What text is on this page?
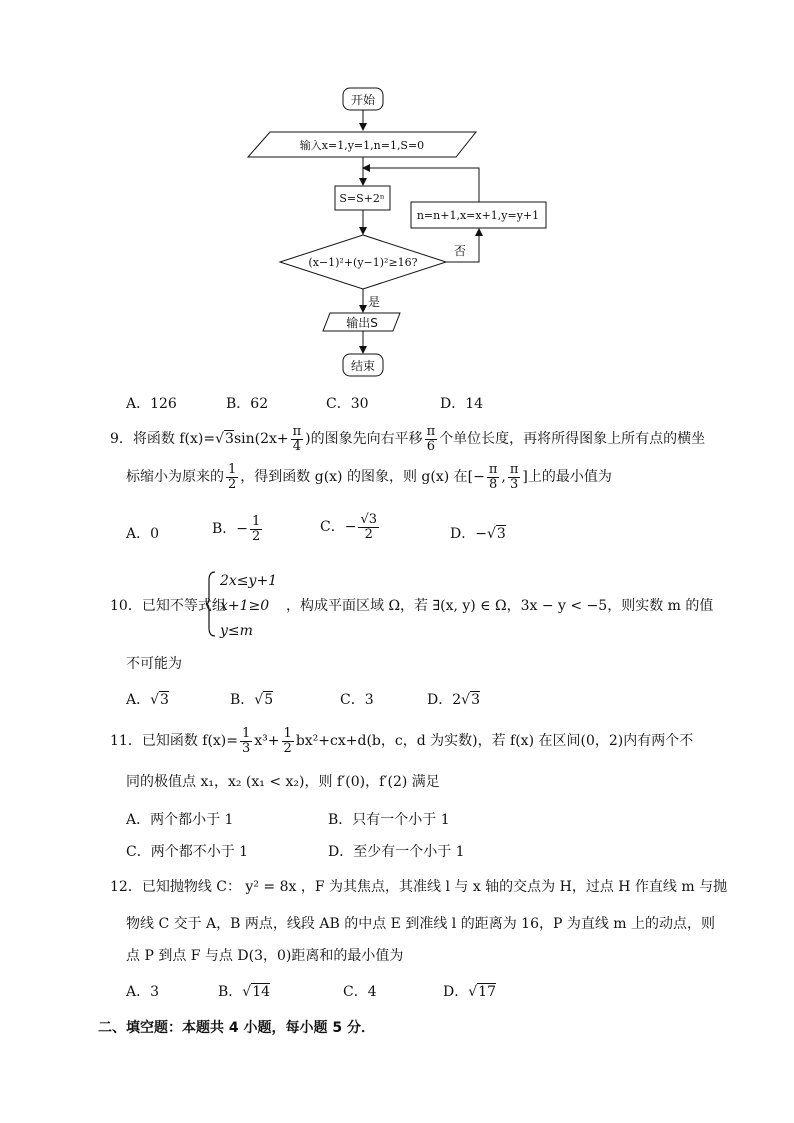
开始
输入x=1,y=1,n=1,S=0
S=S+2ⁿ
(x−1)²+(y−1)²≥16?
否
n=n+1,x=x+1,y=y+1
是
输出S
结束
A．126	B．62	C．30	D．14
9．将函数 f(x)= √3 $\sin(2x+ \frac{\pi}{4}$ )的图象先向右平移 $\frac{\pi}{6}$ 个单位长度，再将所得图象上所有点的横坐
标缩小为原来的 $\frac{1}{2}$ ，得到函数 g(x) 的图象，则 g(x) 在[− $\frac{\pi}{8}$ , $\frac{\pi}{3}$ ]上的最小值为
A．0	B．− $\frac{1}{2}$	C．− $\frac{√3}{2}$	D．−√3
10．已知不等式组
2x≤y+1
x+1≥0
y≤m
，构成平面区域 Ω，若 ∃(x, y) ∈ Ω，3x − y < −5，则实数 m 的值
不可能为
A．√3	B．√5	C．3	D．2√3
11．已知函数 $f(x)= \frac{1}{3} x^3+ \frac{1}{2} bx^2+cx+d(b$，c，d 为实数)，若 f(x) 在区间(0，2)内有两个不
同的极值点 x₁，x₂ (x₁ < x₂)，则 f′(0)，f′(2) 满足
A．两个都小于 1	B．只有一个小于 1
C．两个都不小于 1	D．至少有一个小于 1
12．已知抛物线 C： y² = 8x ，F 为其焦点，其准线 l 与 x 轴的交点为 H，过点 H 作直线 m 与抛
物线 C 交于 A，B 两点，线段 AB 的中点 E 到准线 l 的距离为 16，P 为直线 m 上的动点，则
点 P 到点 F 与点 D(3，0)距离和的最小值为
A．3	B．√14	C．4	D．√17
二、填空题：本题共 4 小题，每小题 5 分．
